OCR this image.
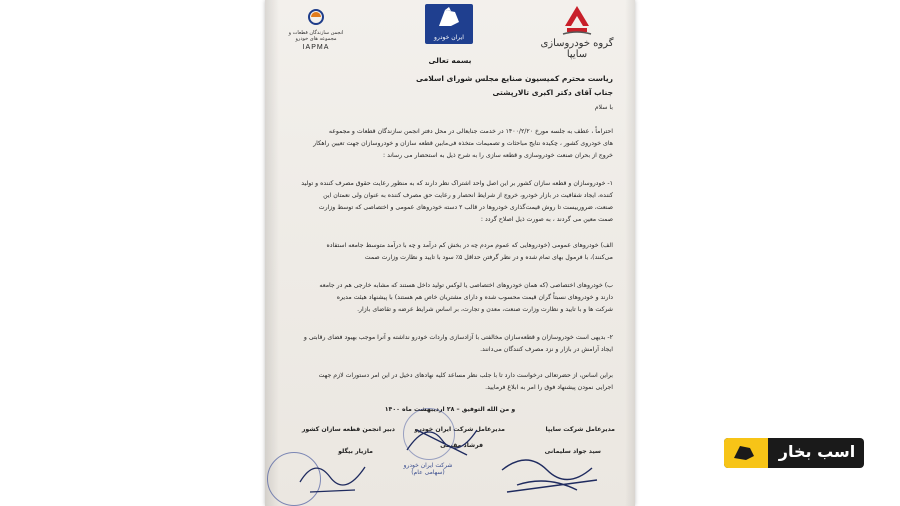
انجمن سازندگان قطعات و مجموعه های خودرو
IAPMA
ایران خودرو
گروه خودروسازی سایپا
بسمه تعالی
ریاست محترم کمیسیون صنایع مجلس شورای اسلامی
جناب آقای دکتر اکبری تالارپشتی
با سلام
احتراماً ، عطف به جلسه مورخ ۱۴۰۰/۲/۲۰ در خدمت جنابعالی در محل دفتر انجمن سازندگان قطعات و مجموعه
های خودروی کشور ، چکیده نتایج مباحثات و تصمیمات متخذه فی‌مابین قطعه سازان و خودروسازان جهت تعیین راهکار
خروج از بحران صنعت خودروسازی و قطعه سازی را به شرح ذیل به استحضار می رساند :
۱- خودروسازان و قطعه سازان کشور بر این اصل واحد اشتراک نظر دارند که به منظور رعایت حقوق مصرف کننده و تولید
کننده، ایجاد شفافیت در بازار خودرو، خروج از شرایط انحصار و رعایت حق مصرف کننده به عنوان ولی نعمتان این
صنعت، ضرورییست تا روش قیمت‌گذاری خودروها در قالب ۲ دسته خودروهای عمومی و اختصاصی که توسط وزارت
صمت معین می گردند ، به صورت ذیل اصلاح گردد :
الف) خودروهای عمومی (خودروهایی که عموم مردم چه در بخش کم درآمد و چه با درآمد متوسط جامعه استفاده
می‌کنند)، با فرمول بهای تمام شده و در نظر گرفتن حداقل ۵٪ سود با تایید و نظارت وزارت صمت
ب) خودروهای اختصاصی (که همان خودروهای اختصاصی یا لوکس تولید داخل هستند که مشابه خارجی هم در جامعه
دارند و خودروهای نسبتاً گران قیمت محسوب شده و دارای مشتریان خاص هم هستند) با پیشنهاد هیئت مدیره
شرکت ها و با تایید و نظارت وزارت صنعت، معدن و تجارت، بر اساس شرایط عرضه و تقاضای بازار.
۲- بدیهی است خودروسازان و قطعه‌سازان مخالفتی با آزادسازی واردات خودرو نداشته و آنرا موجب بهبود فضای رقابتی و
ایجاد آرامش در بازار و نزد مصرف کنندگان می‌دانند.
براین اساس، از حضرتعالی درخواست دارد تا با جلب نظر مساعد کلیه نهادهای دخیل در این امر دستورات لازم جهت
اجرایی نمودن پیشنهاد فوق را امر به ابلاغ فرمایید.
و من الله التوفیق – ۲۸ اردیبهشت ماه ۱۴۰۰
مدیرعامل شرکت سایپا
سید جواد سلیمانی
مدیرعامل شرکت ایران خودرو
فرشاد مقیمی
دبیر انجمن قطعه سازان کشور
مازیار بیگلو
شرکت ایران خودرو (سهامی عام)
اسب بخار
